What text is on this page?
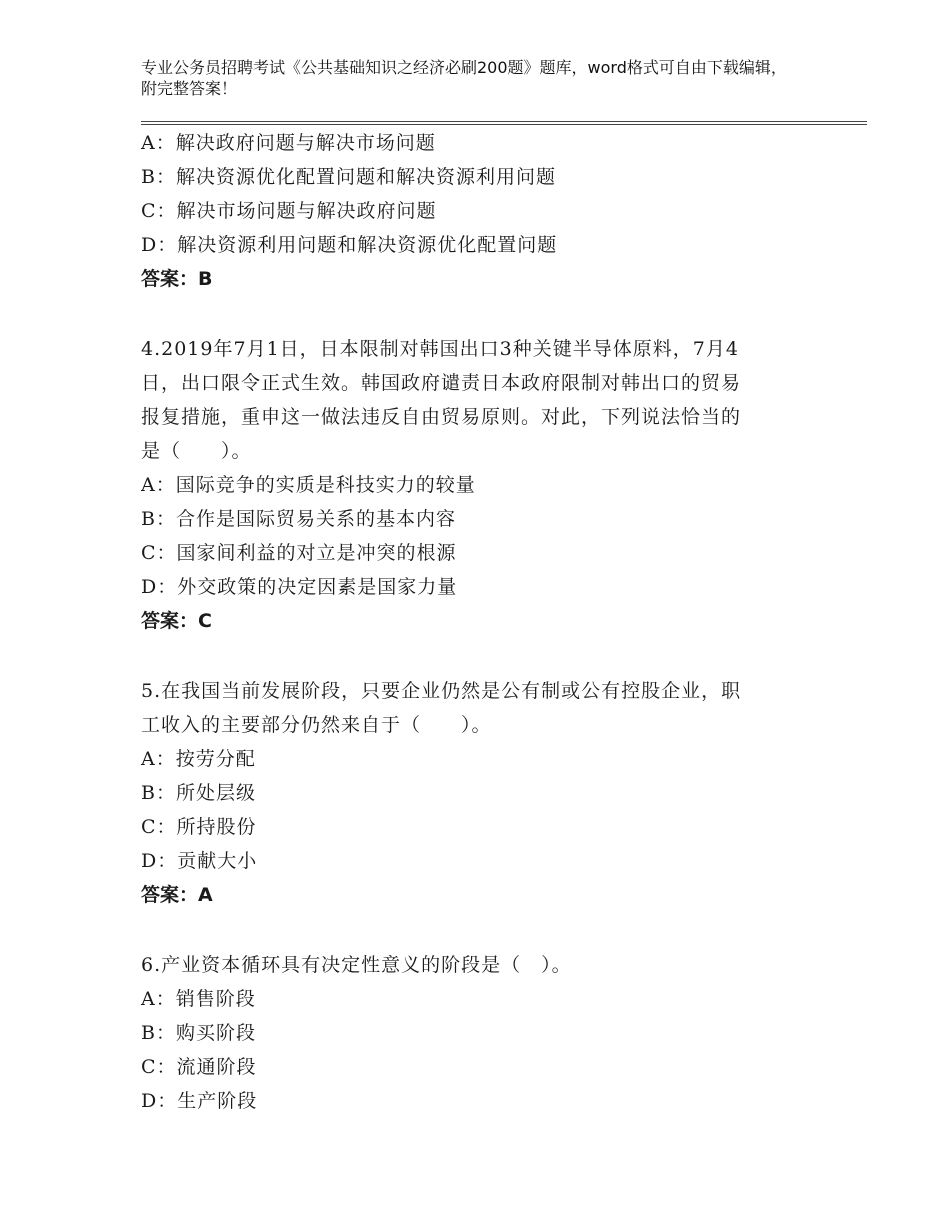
专业公务员招聘考试《公共基础知识之经济必刷200题》题库，word格式可自由下载编辑，附完整答案！
A：解决政府问题与解决市场问题
B：解决资源优化配置问题和解决资源利用问题
C：解决市场问题与解决政府问题
D：解决资源利用问题和解决资源优化配置问题
答案：B
4.2019年7月1日，日本限制对韩国出口3种关键半导体原料，7月4
日，出口限令正式生效。韩国政府谴责日本政府限制对韩出口的贸易
报复措施，重申这一做法违反自由贸易原则。对此，下列说法恰当的
是（　　）。
A：国际竞争的实质是科技实力的较量
B：合作是国际贸易关系的基本内容
C：国家间利益的对立是冲突的根源
D：外交政策的决定因素是国家力量
答案：C
5.在我国当前发展阶段，只要企业仍然是公有制或公有控股企业，职
工收入的主要部分仍然来自于（　　）。
A：按劳分配
B：所处层级
C：所持股份
D：贡献大小
答案：A
6.产业资本循环具有决定性意义的阶段是（　）。
A：销售阶段
B：购买阶段
C：流通阶段
D：生产阶段
